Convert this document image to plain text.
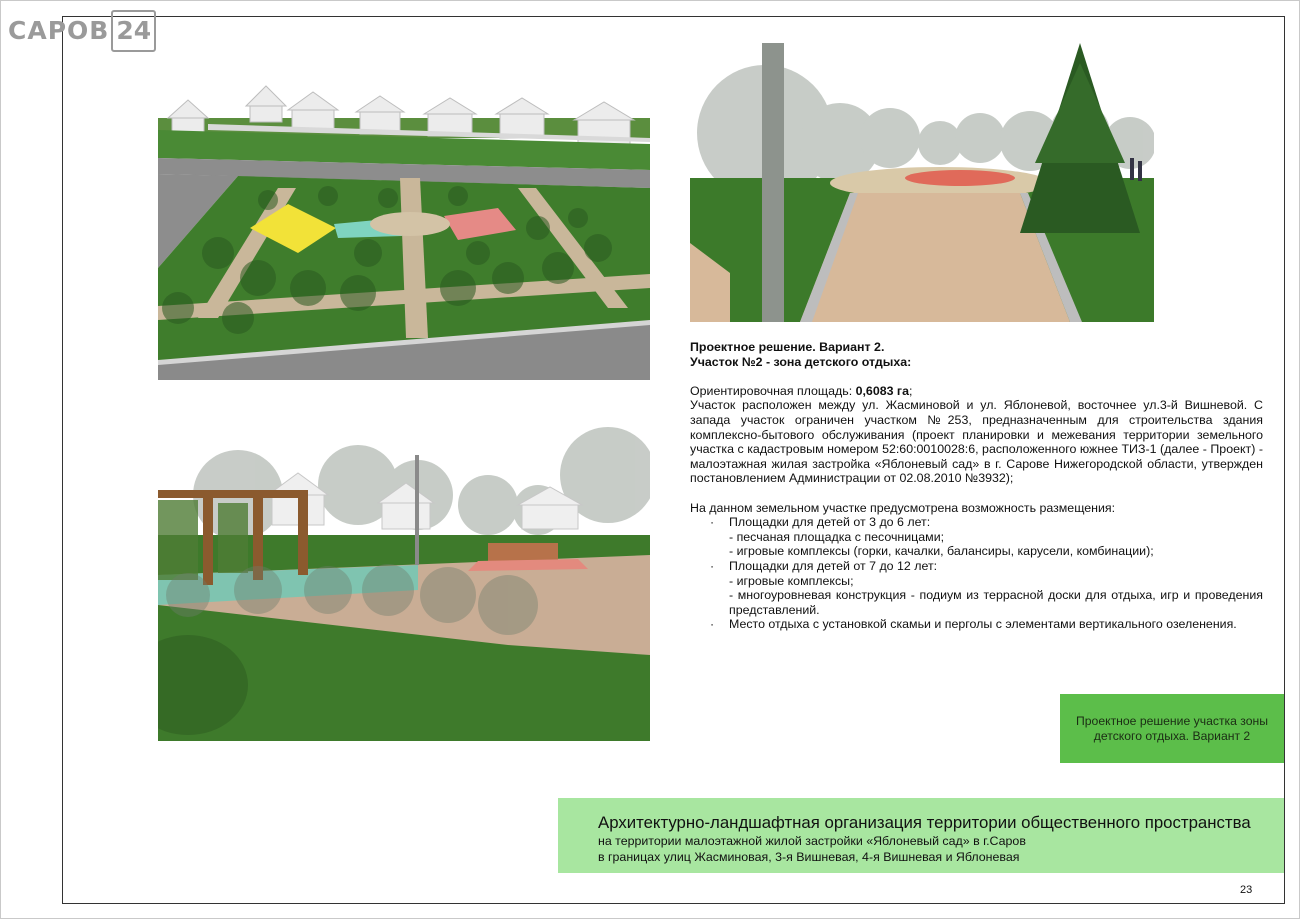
САРОВ 24

Проектное решение. Вариант 2.

Участок №2 - зона детского отдыха:

Ориентировочная площадь: 0,6083 га;

Участок расположен между ул. Жасминовой и ул. Яблоневой, восточнее ул.3-й Вишневой. С запада участок ограничен участком №253, предназначенным для строительства здания комплексно-бытового обслуживания (проект планировки и межевания территории земельного участка с кадастровым номером 52:60:0010028:6, расположенного южнее ТИЗ-1 (далее - Проект) - малоэтажная жилая застройка «Яблоневый сад» в г. Сарове Нижегородской области, утвержден постановлением Администрации от 02.08.2010 №3932);

На данном земельном участке предусмотрена возможность размещения:

· Площадки для детей от 3 до 6 лет:
- песчаная площадка с песочницами;
- игровые комплексы (горки, качалки, балансиры, карусели, комбинации);
· Площадки для детей от 7 до 12 лет:
- игровые комплексы;
- многоуровневая конструкция - подиум из террасной доски для отдыха, игр и проведения представлений.
· Место отдыха с установкой скамьи и перголы с элементами вертикального озеленения.
Проектное решение участка зоны детского отдыха. Вариант 2
Архитектурно-ландшафтная организация территории общественного пространства
на территории малоэтажной жилой застройки «Яблоневый сад» в г.Саров
в границах улиц Жасминовая, 3-я Вишневая, 4-я Вишневая и Яблоневая
23
